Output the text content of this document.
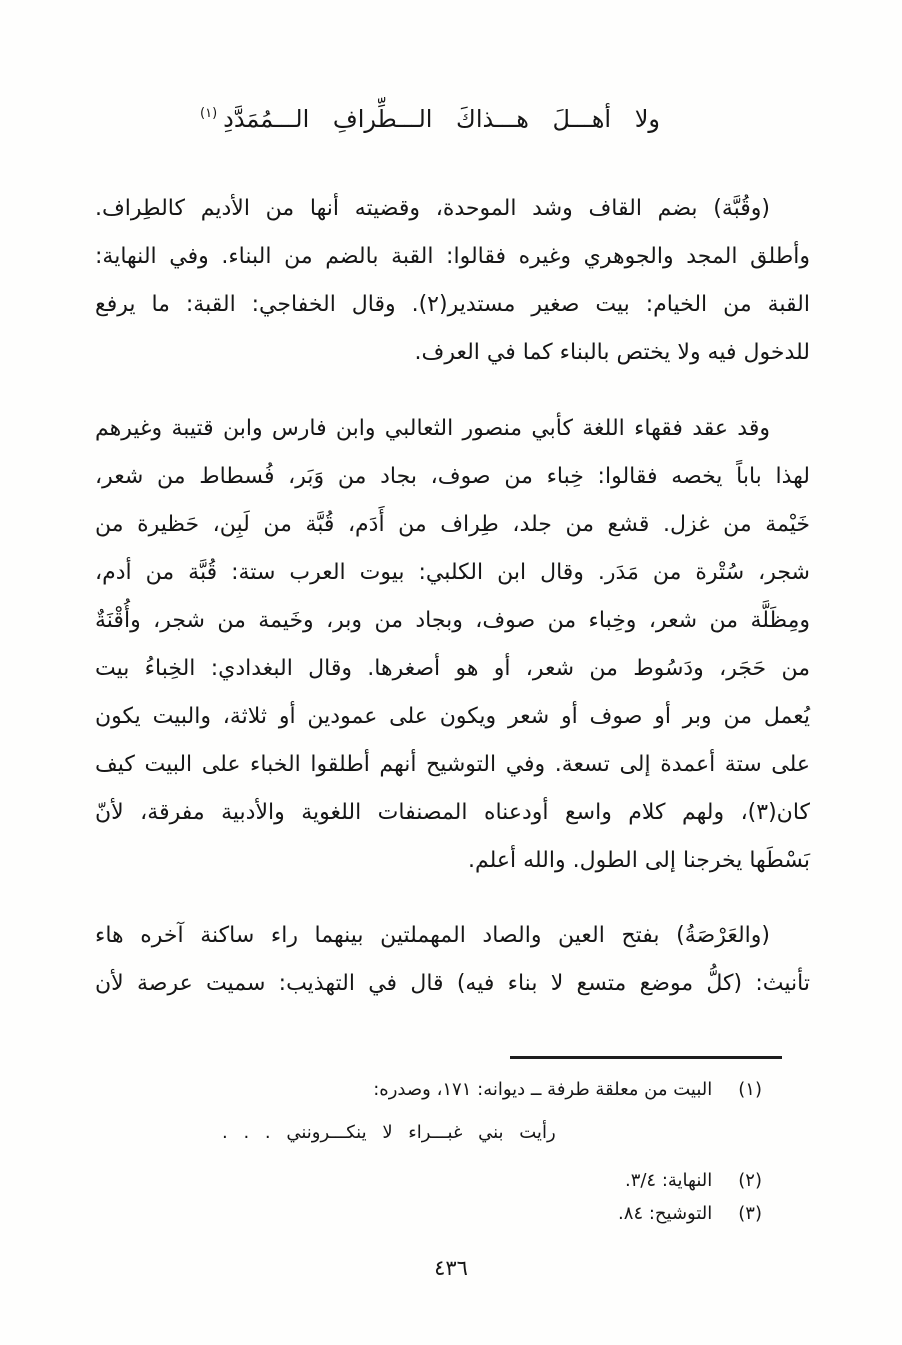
ولا أهـــلَ هـــذاكَ الـــطِّرافِ الـــمُمَدَّدِ$^{(١)}$
(وقُبَّة) بضم القاف وشد الموحدة، وقضيته أنها من الأديم كالطِراف.
وأطلق المجد والجوهري وغيره فقالوا: القبة بالضم من البناء. وفي النهاية:
القبة من الخيام: بيت صغير مستدير(٢). وقال الخفاجي: القبة: ما يرفع
للدخول فيه ولا يختص بالبناء كما في العرف.
وقد عقد فقهاء اللغة كأبي منصور الثعالبي وابن فارس وابن قتيبة وغيرهم
لهذا باباً يخصه فقالوا: خِباء من صوف، بجاد من وَبَر، فُسطاط من شعر،
خَيْمة من غزل. قشع من جلد، طِراف من أَدَم، قُبَّة من لَبِن، حَظيرة من
شجر، سُتْرة من مَدَر. وقال ابن الكلبي: بيوت العرب ستة: قُبَّة من أدم،
ومِظَلَّة من شعر، وخِباء من صوف، وبجاد من وبر، وخَيمة من شجر، وأُقْنَةٌ
من حَجَر، ودَسُوط من شعر، أو هو أصغرها. وقال البغدادي: الخِباءُ بيت
يُعمل من وبر أو صوف أو شعر ويكون على عمودين أو ثلاثة، والبيت يكون
على ستة أعمدة إلى تسعة. وفي التوشيح أنهم أطلقوا الخباء على البيت كيف
كان(٣)، ولهم كلام واسع أودعناه المصنفات اللغوية والأدبية مفرقة، لأنّ
بَسْطَها يخرجنا إلى الطول. والله أعلم.
(والعَرْصَةُ) بفتح العين والصاد المهملتين بينهما راء ساكنة آخره هاء
تأنيث: (كلُّ موضع متسع لا بناء فيه) قال في التهذيب: سميت عرصة لأن
(١)البيت من معلقة طرفة ــ ديوانه: ١٧١، وصدره:
رأيت بني غبـــراء لا ينكـــرونني . . .
(٢)النهاية: ٣/٤.
(٣)التوشيح: ٨٤.
٤٣٦
